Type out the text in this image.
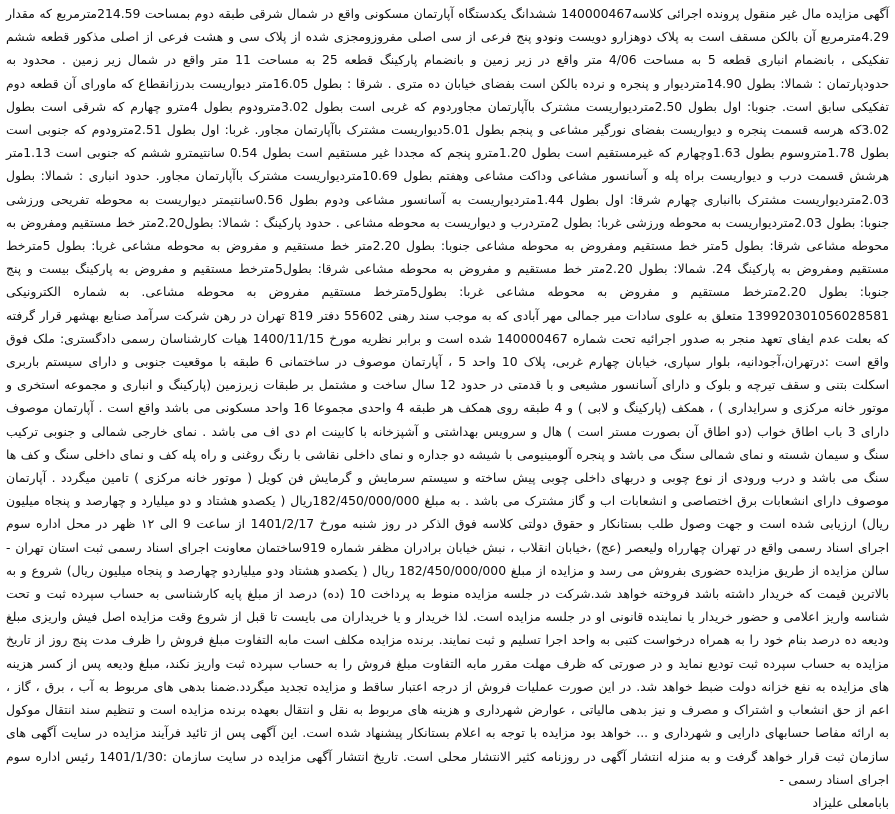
آگهی مزایده مال غیر منقول پرونده اجرائی کلاسه140000467 ششدانگ یکدستگاه آپارتمان مسکونی واقع در شمال شرقی طبقه دوم بمساحت 214.59مترمربع که مقدار 4.29مترمربع آن بالکن مسقف است به پلاک دوهزارو دویست ونودو پنج فرعی از سی اصلی مفروزومجزی شده از پلاک سی و هشت فرعی از اصلی مذکور قطعه ششم تفکیکی ، بانضمام انباری قطعه 5 به مساحت 4/06 متر واقع در زیر زمین و بانضمام پارکینگ قطعه 25 به مساحت 11 متر واقع در شمال زیر زمین . محدود به حدودپارتمان : شمالا: بطول 14.90متردیوار و پنجره و نرده بالکن است بفضای خیابان ده متری . شرقا : بطول 16.05متر دیواریست بدرزانقطاع که ماورای آن قطعه دوم تفکیکی سابق است. جنوبا: اول بطول 2.50متردیواریست مشترک باآپارتمان مجاوردوم که غربی است بطول 3.02مترودوم بطول 4مترو چهارم که شرقی است بطول 3.02که هرسه قسمت پنجره و دیواریست بفضای نورگیر مشاعی و پنجم بطول 5.01دیواریست مشترک باآپارتمان مجاور. غربا: اول بطول 2.51مترودوم که جنوبی است بطول 1.78متروسوم بطول 1.63وچهارم که غیرمستقیم است بطول 1.20مترو پنجم که مجددا غیر مستقیم است بطول 0.54 سانتیمترو ششم که جنوبی است 1.13متر هرشش قسمت درب و دیواریست براه پله و آسانسور مشاعی وداکت مشاعی وهفتم بطول 10.69متردیواریست مشترک باآپارتمان مجاور. حدود انباری : شمالا: بطول 2.03متردیواریست مشترک باانباری چهارم شرقا: اول بطول 1.44متردیواریست به آسانسور مشاعی ودوم بطول 0.56سانتیمتر دیواریست به محوطه تفریحی ورزشی جنوبا: بطول 2.03متردیواریست به محوطه ورزشی غربا: بطول 2متردرب و دیواریست به محوطه مشاعی . حدود پارکینگ : شمالا: بطول2.20متر خط مستقیم ومفروض به محوطه مشاعی شرقا: بطول 5متر خط مستقیم ومفروض به محوطه مشاعی جنوبا: بطول 2.20متر خط مستقیم و مفروض به محوطه مشاعی غربا: بطول 5مترخط مستقیم ومفروض به پارکینگ 24. شمالا: بطول 2.20متر خط مستقیم و مفروض به محوطه مشاعی شرقا: بطول5مترخط مستقیم و مفروض به پارکینگ بیست و پنج جنوبا: بطول 2.20مترخط مستقیم و مفروض به محوطه مشاعی غربا: بطول5مترخط مستقیم مفروض به محوطه مشاعی. به شماره الکترونیکی 139920301056028581 متعلق به علوی سادات میر جمالی مهر آبادی که به موجب سند رهنی 55602 دفتر 819 تهران در رهن شرکت سرآمد صنایع بهشهر قرار گرفته که بعلت عدم ایفای تعهد منجر به صدور اجرائیه تحت شماره 140000467 شده است و برابر نظریه مورخ 1400/11/15 هیات کارشناسان رسمی دادگستری: ملک فوق واقع است :درتهران،آجودانیه، بلوار سپاری، خیابان چهارم غربی، پلاک 10 واحد 5 ، آپارتمان موصوف در ساختمانی 6 طبقه با موقعیت جنوبی و دارای سیستم باربری اسکلت بتنی و سقف تیرچه و بلوک و دارای آسانسور مشیعی و با قدمتی در حدود 12 سال ساخت و مشتمل بر طبقات زیرزمین (پارکینگ و انباری و مجموعه استخری و موتور خانه مرکزی و سرایداری ) ، همکف (پارکینگ و لابی ) و 4 طبقه روی همکف هر طبقه 4 واحدی مجموعا 16 واحد مسکونی می باشد واقع است . آپارتمان موصوف دارای 3 باب اطاق خواب (دو اطاق آن بصورت مستر است ) هال و سرویس بهداشتی و آشپزخانه با کابینت ام دی اف می باشد . نمای خارجی شمالی و جنوبی ترکیب سنگ و سیمان شسته و نمای شمالی سنگ می باشد و پنجره آلومینیومی با شیشه دو جداره و نمای داخلی نقاشی با رنگ روغنی و راه پله کف و نمای داخلی سنگ و کف ها سنگ می باشد و درب ورودی از نوع چوبی و دربهای داخلی چوبی پیش ساخته و سیستم سرمایش و گرمایش فن کویل ( موتور خانه مرکزی ) تامین میگردد . آپارتمان موصوف دارای انشعابات برق اختصاصی و انشعابات اب و گاز مشترک می باشد . به مبلغ 182/450/000/000ریال ( یکصدو هشتاد و دو میلیارد و چهارصد و پنجاه میلیون ریال) ارزیابی شده است و جهت وصول طلب بستانکار و حقوق دولتی کلاسه فوق الذکر در روز شنبه مورخ 1401/2/17 از ساعت 9 الی ۱۲ ظهر در محل اداره سوم اجرای اسناد رسمی واقع در تهران چهارراه ولیعصر (عج) ،خیابان انقلاب ، نبش خیابان برادران مظفر شماره 919ساختمان معاونت اجرای اسناد رسمی ثبت استان تهران - سالن مزایده از طریق مزایده حضوری بفروش می رسد و مزایده از مبلغ 182/450/000/000 ریال ( یکصدو هشتاد ودو میلیاردو چهارصد و پنجاه میلیون ریال) شروع و به بالاترین قیمت که خریدار داشته باشد فروخته خواهد شد.شرکت در جلسه مزایده منوط به پرداخت 10 (ده) درصد از مبلغ پایه کارشناسی به حساب سپرده ثبت و تحت شناسه واریز اعلامی و حضور خریدار یا نماینده قانونی او در جلسه مزایده است. لذا خریدار و یا خریداران می بایست تا قبل از شروع وقت مزایده اصل فیش واریزی مبلغ ودیعه ده درصد بنام خود را به همراه درخواست کتبی به واحد اجرا تسلیم و ثبت نمایند. برنده مزایده مکلف است مابه التفاوت مبلغ فروش را ظرف مدت پنج روز از تاریخ مزایده به حساب سپرده ثبت تودیع نماید و در صورتی که ظرف مهلت مقرر مابه التفاوت مبلغ فروش را به حساب سپرده ثبت واریز نکند، مبلغ ودیعه پس از کسر هزینه های مزایده به نفع خزانه دولت ضبط خواهد شد. در این صورت عملیات فروش از درجه اعتبار ساقط و مزایده تجدید میگردد.ضمنا بدهی های مربوط به آب ، برق ، گاز ، اعم از حق انشعاب و اشتراک و مصرف و نیز بدهی مالیاتی ، عوارض شهرداری و هزینه های مربوط به نقل و انتقال بعهده برنده مزایده است و تنظیم سند انتقال موکول به ارائه مفاصا حسابهای دارایی و شهرداری و ... خواهد بود مزایده با توجه به اعلام بستانکار پیشنهاد شده است. این آگهی پس از تائید فرآیند مزایده در سایت آگهی های سازمان ثبت قرار خواهد گرفت و به منزله انتشار آگهی در روزنامه کثیر الانتشار محلی است. تاریخ انتشار آگهی مزایده در سایت سازمان :1401/1/30 رئیس اداره سوم اجرای اسناد رسمی -

بابامعلی علیزاد
